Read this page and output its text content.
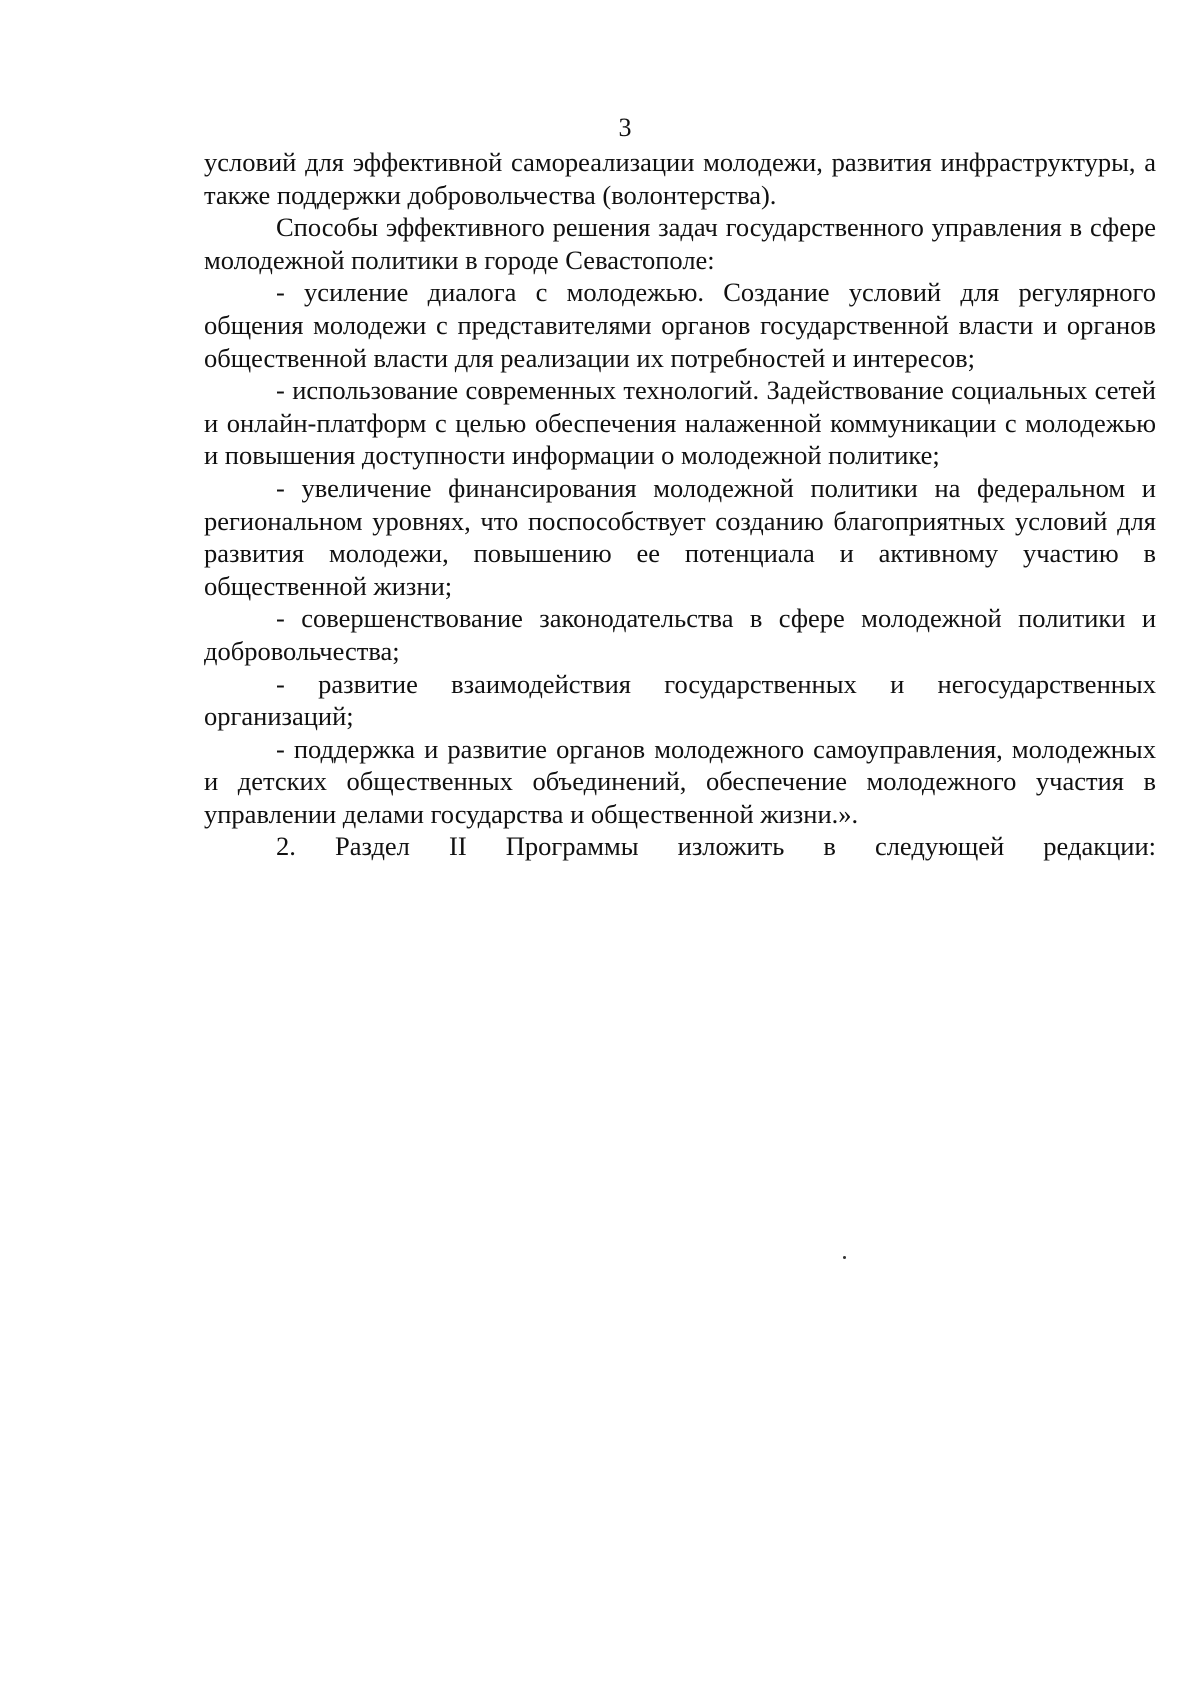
3

условий для эффективной самореализации молодежи, развития инфраструктуры, а также поддержки добровольчества (волонтерства).

Способы эффективного решения задач государственного управления в сфере молодежной политики в городе Севастополе:

- усиление диалога с молодежью. Создание условий для регулярного общения молодежи с представителями органов государственной власти и органов общественной власти для реализации их потребностей и интересов;

- использование современных технологий. Задействование социальных сетей и онлайн-платформ с целью обеспечения налаженной коммуникации с молодежью и повышения доступности информации о молодежной политике;

- увеличение финансирования молодежной политики на федеральном и региональном уровнях, что поспособствует созданию благоприятных условий для развития молодежи, повышению ее потенциала и активному участию в общественной жизни;

- совершенствование законодательства в сфере молодежной политики и добровольчества;

- развитие взаимодействия государственных и негосударственных организаций;

- поддержка и развитие органов молодежного самоуправления, молодежных и детских общественных объединений, обеспечение молодежного участия в управлении делами государства и общественной жизни.».

2. Раздел II Программы изложить в следующей редакции:
